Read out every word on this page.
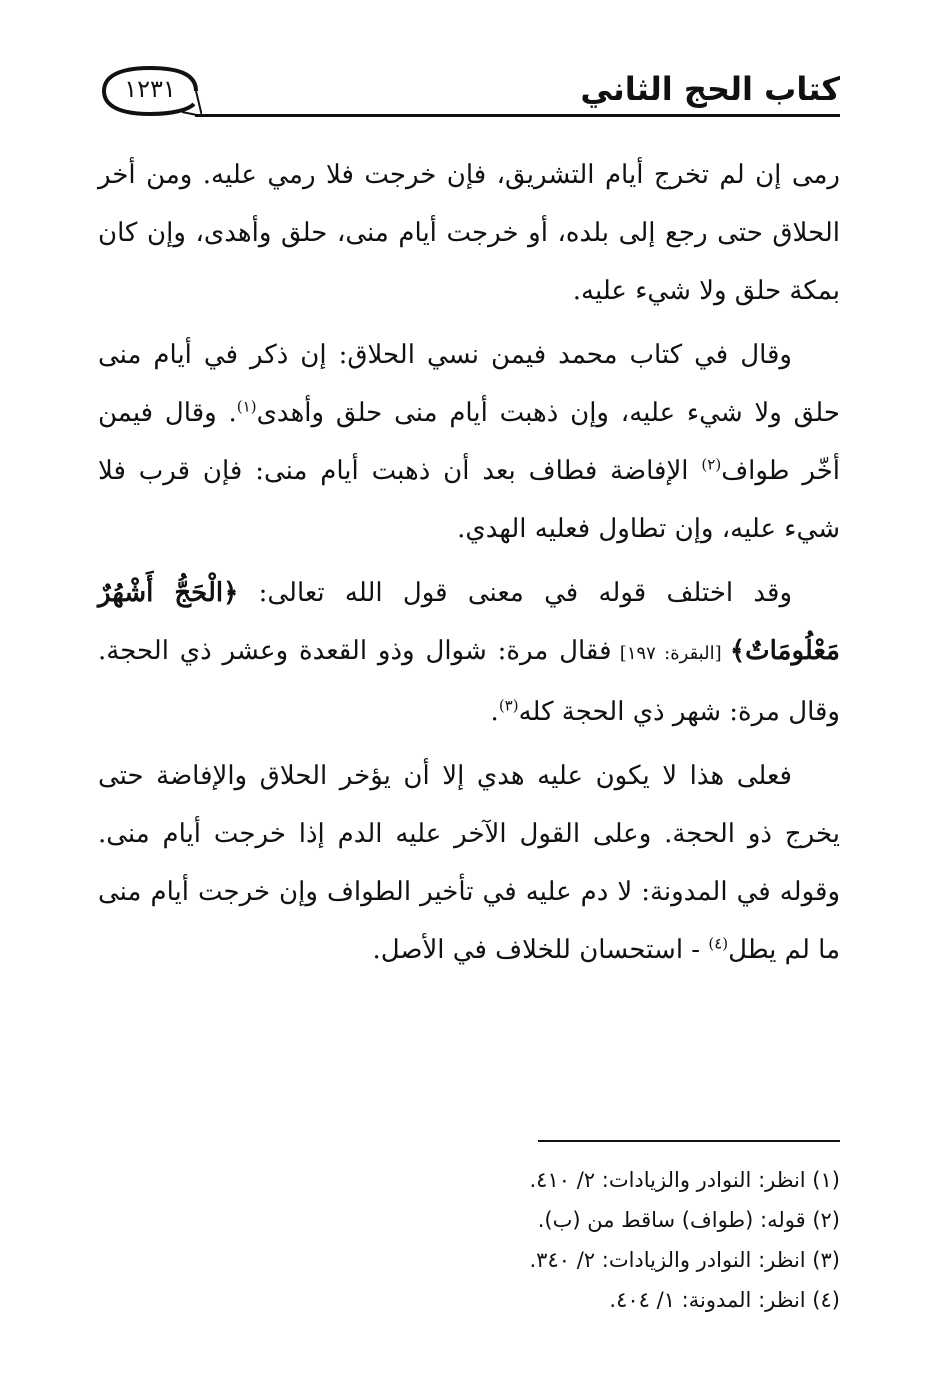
١٢٣١	كتاب الحج الثاني

رمى إن لم تخرج أيام التشريق، فإن خرجت فلا رمي عليه. ومن أخر الحلاق حتى رجع إلى بلده، أو خرجت أيام منى، حلق وأهدى، وإن كان بمكة حلق ولا شيء عليه.

وقال في كتاب محمد فيمن نسي الحلاق: إن ذكر في أيام منى حلق ولا شيء عليه، وإن ذهبت أيام منى حلق وأهدى$^{(١)}$. وقال فيمن أخّر طواف$^{(٢)}$ الإفاضة فطاف بعد أن ذهبت أيام منى: فإن قرب فلا شيء عليه، وإن تطاول فعليه الهدي.

وقد اختلف قوله في معنى قول الله تعالى: ﴿الْحَجُّ أَشْهُرٌ مَعْلُومَاتٌ﴾ [البقرة: ١٩٧] فقال مرة: شوال وذو القعدة وعشر ذي الحجة. وقال مرة: شهر ذي الحجة كله$^{(٣)}$.

فعلى هذا لا يكون عليه هدي إلا أن يؤخر الحلاق والإفاضة حتى يخرج ذو الحجة. وعلى القول الآخر عليه الدم إذا خرجت أيام منى. وقوله في المدونة: لا دم عليه في تأخير الطواف وإن خرجت أيام منى ما لم يطل$^{(٤)}$ - استحسان للخلاف في الأصل.

(١) انظر: النوادر والزيادات: ٢/ ٤١٠.
(٢) قوله: (طواف) ساقط من (ب).
(٣) انظر: النوادر والزيادات: ٢/ ٣٤٠.
(٤) انظر: المدونة: ١/ ٤٠٤.
